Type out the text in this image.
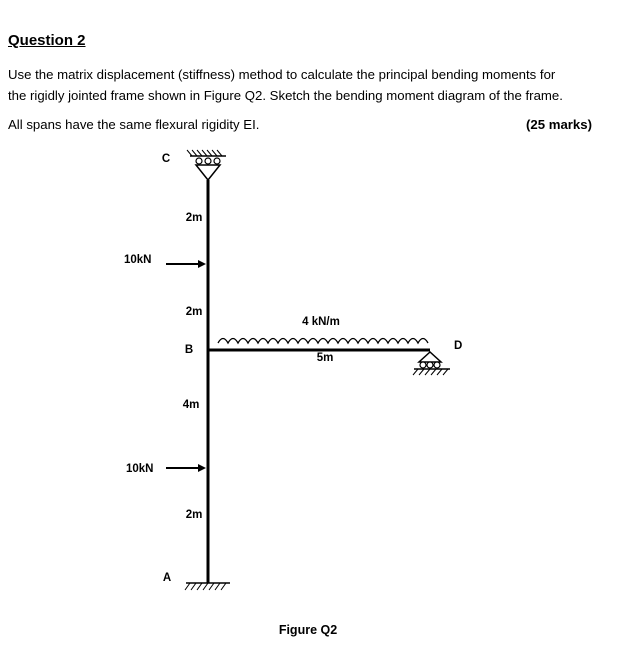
Question 2
Use the matrix displacement (stiffness) method to calculate the principal bending moments for
the rigidly jointed frame shown in Figure Q2. Sketch the bending moment diagram of the frame.
All spans have the same flexural rigidity EI.	(25 marks)
C
B	D
A
10kN
10kN
4 kN/m
2m
2m
4m
2m
5m
Figure Q2
